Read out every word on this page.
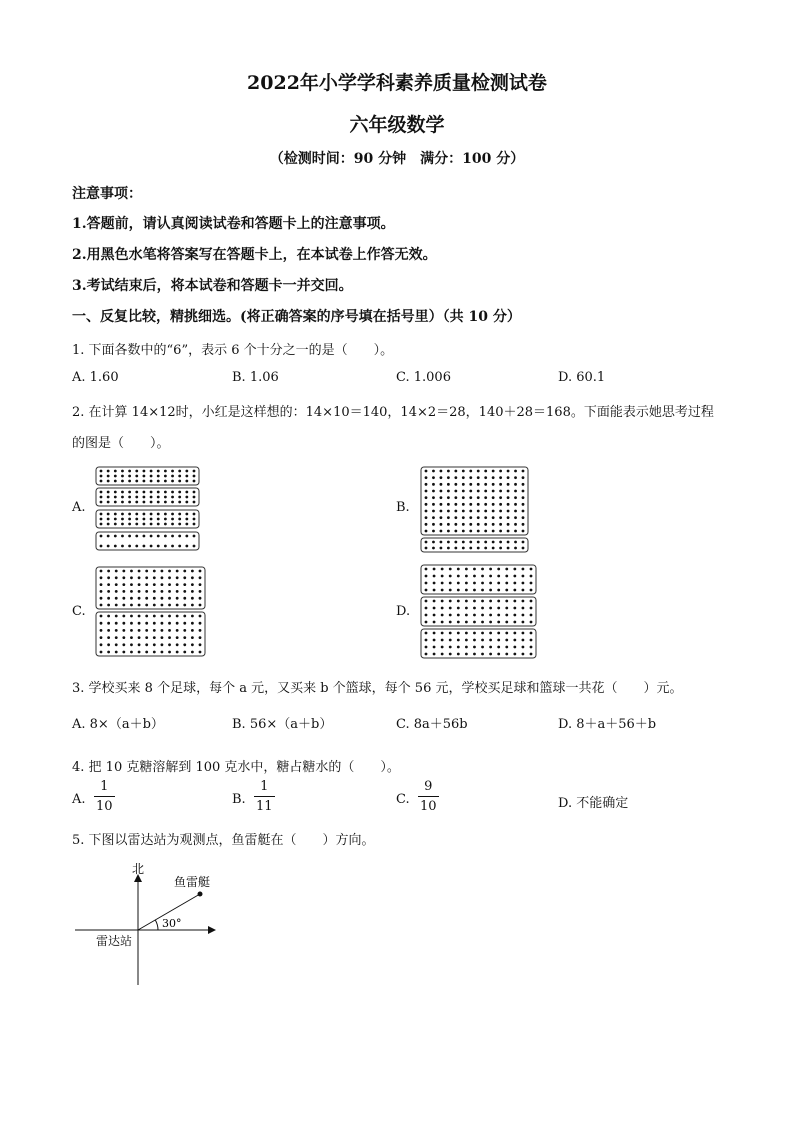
2022年小学学科素养质量检测试卷
六年级数学
（检测时间：90 分钟　满分：100 分）
注意事项：
1.答题前，请认真阅读试卷和答题卡上的注意事项。
2.用黑色水笔将答案写在答题卡上，在本试卷上作答无效。
3.考试结束后，将本试卷和答题卡一并交回。
一、反复比较，精挑细选。(将正确答案的序号填在括号里）（共 10 分）
1. 下面各数中的“6”，表示 6 个十分之一的是（　　）。
A. 1.60	B. 1.06	C. 1.006	D. 60.1
2. 在计算 14×12时，小红是这样想的：14×10＝140，14×2＝28，140＋28＝168。下面能表示她思考过程
的图是（　　）。
A.	B.
C.	D.
3. 学校买来 8 个足球，每个 a 元，又买来 b 个篮球，每个 56 元，学校买足球和篮球一共花（　　）元。
A. 8×（a＋b）	B. 56×（a＋b）	C. 8a＋56b	D. 8＋a＋56＋b
4. 把 10 克糖溶解到 100 克水中，糖占糖水的（　　）。
A.
1
10	B.
1
11	C.
9
10	D. 不能确定
5. 下图以雷达站为观测点，鱼雷艇在（　　）方向。
北
鱼雷艇
30°
雷达站
